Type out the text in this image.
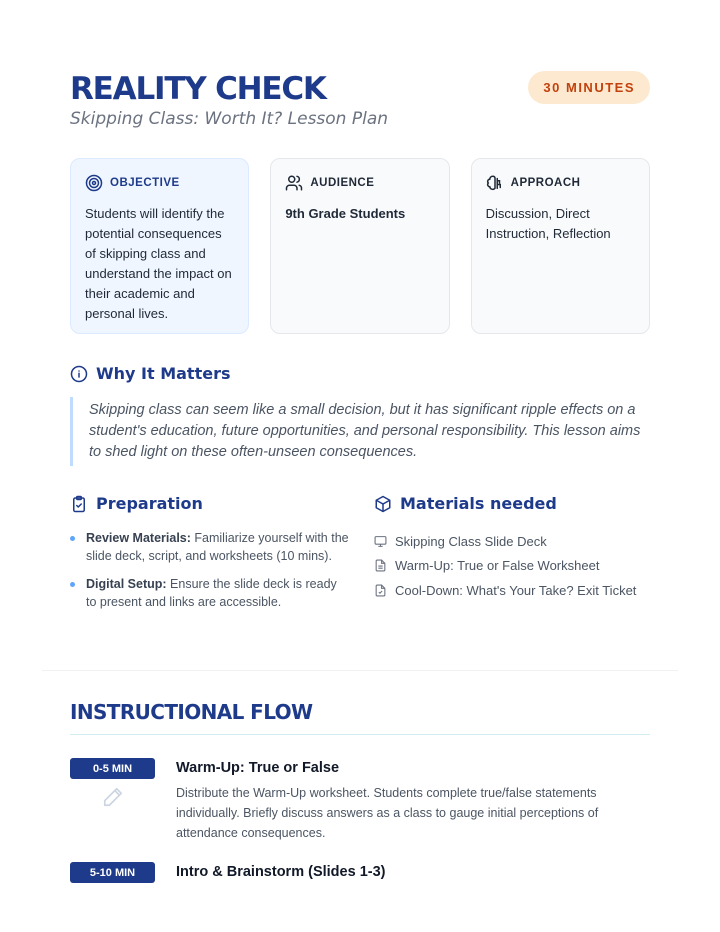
REALITY CHECK
Skipping Class: Worth It? Lesson Plan
30 MINUTES
OBJECTIVE
Students will identify the potential consequences of skipping class and understand the impact on their academic and personal lives.
AUDIENCE
9th Grade Students
APPROACH
Discussion, Direct Instruction, Reflection
Why It Matters

Skipping class can seem like a small decision, but it has significant ripple effects on a student's education, future opportunities, and personal responsibility. This lesson aims to shed light on these often-unseen consequences.

Preparation
Review Materials: Familiarize yourself with the slide deck, script, and worksheets (10 mins).
Digital Setup: Ensure the slide deck is ready to present and links are accessible.
Materials needed
Skipping Class Slide Deck
Warm-Up: True or False Worksheet
Cool-Down: What's Your Take? Exit Ticket
INSTRUCTIONAL FLOW
0-5 MIN	Warm-Up: True or False
Distribute the Warm-Up worksheet. Students complete true/false statements individually. Briefly discuss answers as a class to gauge initial perceptions of attendance consequences.
5-10 MIN	Intro & Brainstorm (Slides 1-3)
